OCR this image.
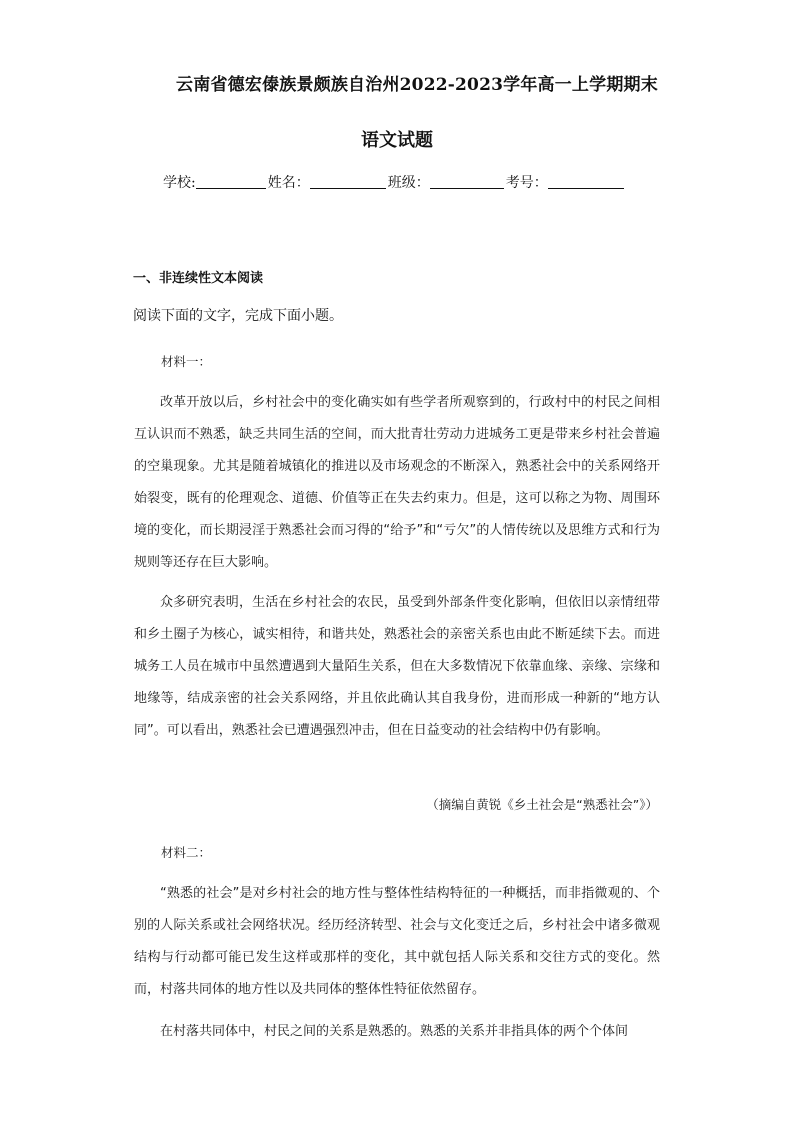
云南省德宏傣族景颇族自治州2022-2023学年高一上学期期末
语文试题
学校:	姓名：	班级：	考号：
一、非连续性文本阅读
阅读下面的文字，完成下面小题。
材料一：

改革开放以后，乡村社会中的变化确实如有些学者所观察到的，行政村中的村民之间相互认识而不熟悉，缺乏共同生活的空间，而大批青壮劳动力进城务工更是带来乡村社会普遍的空巢现象。尤其是随着城镇化的推进以及市场观念的不断深入，熟悉社会中的关系网络开始裂变，既有的伦理观念、道德、价值等正在失去约束力。但是，这可以称之为物、周围环境的变化，而长期浸淫于熟悉社会而习得的“给予”和“亏欠”的人情传统以及思维方式和行为规则等还存在巨大影响。

众多研究表明，生活在乡村社会的农民，虽受到外部条件变化影响，但依旧以亲情纽带和乡土圈子为核心，诚实相待，和谐共处，熟悉社会的亲密关系也由此不断延续下去。而进城务工人员在城市中虽然遭遇到大量陌生关系，但在大多数情况下依靠血缘、亲缘、宗缘和地缘等，结成亲密的社会关系网络，并且依此确认其自我身份，进而形成一种新的“地方认同”。可以看出，熟悉社会已遭遇强烈冲击，但在日益变动的社会结构中仍有影响。

（摘编自黄锐《乡土社会是“熟悉社会”》）
材料二：

“熟悉的社会”是对乡村社会的地方性与整体性结构特征的一种概括，而非指微观的、个别的人际关系或社会网络状况。经历经济转型、社会与文化变迁之后，乡村社会中诸多微观结构与行动都可能已发生这样或那样的变化，其中就包括人际关系和交往方式的变化。然而，村落共同体的地方性以及共同体的整体性特征依然留存。

在村落共同体中，村民之间的关系是熟悉的。熟悉的关系并非指具体的两个个体间
